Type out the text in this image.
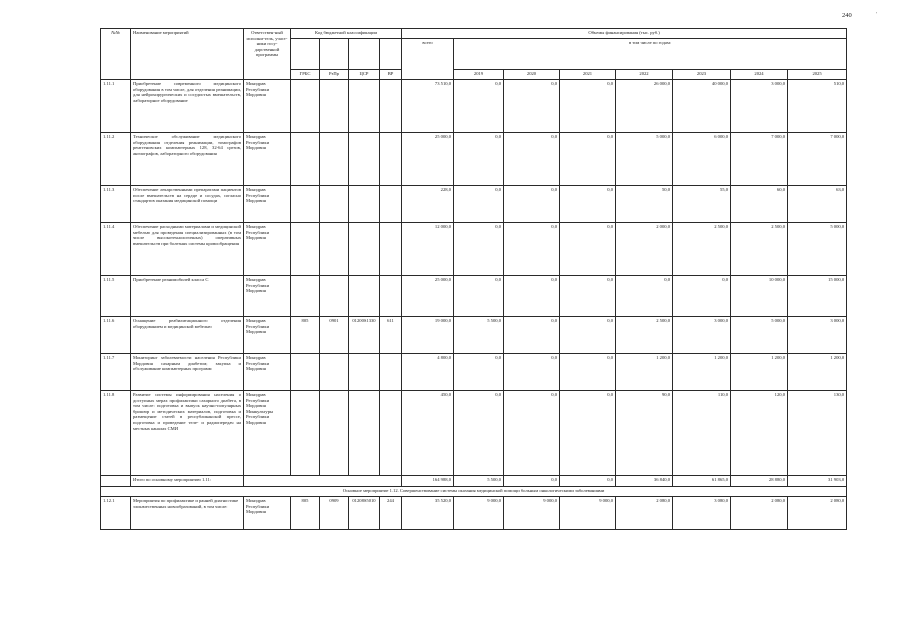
240	'
№№	Наименование мероприятий	Ответствен-ный исполни-тель, участ-ники госу-дарственной программы	Код бюджетной классификации				Объемы финансирования (тыс. руб.)							
							всего	в том числе по годам:						
			ГРБС	РзПр	ЦСР	ВР		2019	2020	2021	2022	2023	2024	2025
1.11.1	Приобретение современного медицинского оборудования в том числе, для отделения реанимации, для нейрохирургических и сосудистых вмешательств, лабораторное оборудование	Минздрав Республики Мордовия					73 510,0	0,0	0,0	0,0	26 000,0	40 000,0	3 000,0	510,0
1.11.2	Техническое обслуживание медицинского оборудования отделения реанимации, томографов рентгеновских компьютерных 128, 32-64 срезов, ангиографов, лабораторного оборудования	Минздрав Республики Мордовия					25 000,0	0,0	0,0	0,0	5 000,0	6 000,0	7 000,0	7 000,0
1.11.3	Обеспечение лекарственными препаратами пациентов после вмешательств на сердце и сосудах, согласно стандартов оказания медицинской помощи	Минздрав Республики Мордовия					228,0	0,0	0,0	0,0	50,0	55,0	60,0	63,0
1.11.4	Обеспечение расходными материалами и медицинской мебелью для проведения специализированных (в том числе высокотехнологичных) оперативных вмешательств при болезнях системы кровообращения	Минздрав Республики Мордовия					12 000,0	0,0	0,0	0,0	2 000,0	2 500,0	2 500,0	5 000,0
1.11.5	Приобретение реанимобилей класса С	Минздрав Республики Мордовия					25 000,0	0,0	0,0	0,0	0,0	0,0	10 000,0	15 000,0
1.11.6	Оснащение реабилитационного отделения оборудованием и медицинской мебелью	Минздрав Республики Мордовия	805	0901	01200S1330	611	19 000,0	5 500,0	0,0	0,0	2 500,0	3 000,0	5 000,0	3 000,0
1.11.7	Мониторинг заболеваемости населения Республики Мордовия сахарным диабетом; закупка и обслуживание компьютерных программ	Минздрав Республики Мордовия					4 800,0	0,0	0,0	0,0	1 200,0	1 200,0	1 200,0	1 200,0
1.11.8	Развитие системы информирования населения о доступных мерах профилактики сахарного диабета, в том числе: подготовка и выпуск научно-популярных брошюр и методических материалов, подготовка и размещение статей в республиканской прессе, подготовка и проведение теле- и радиопередач на местных каналах СМИ	Минздрав Республики Мордовия Минкультуры Республики Мордовия					450,0	0,0	0,0	0,0	90,0	110,0	120,0	130,0
	Итого по основному мероприятию 1.11:						164 988,0	5 500,0	0,0	0,0	36 840,0	61 865,0	28 880,0	31 903,0
Основное мероприятие 1.12. Совершенствование системы оказания медицинской помощи больным онкологическими заболеваниями														
1.12.1	Мероприятия по профилактике и ранней диагностике злокачественных новообразований, в том числе:	Минздрав Республики Мордовия	805	0909	01208S5010	244	35 520,0	9 000,0	9 000,0	9 000,0	2 080,0	3 080,0	2 080,0	2 080,0
